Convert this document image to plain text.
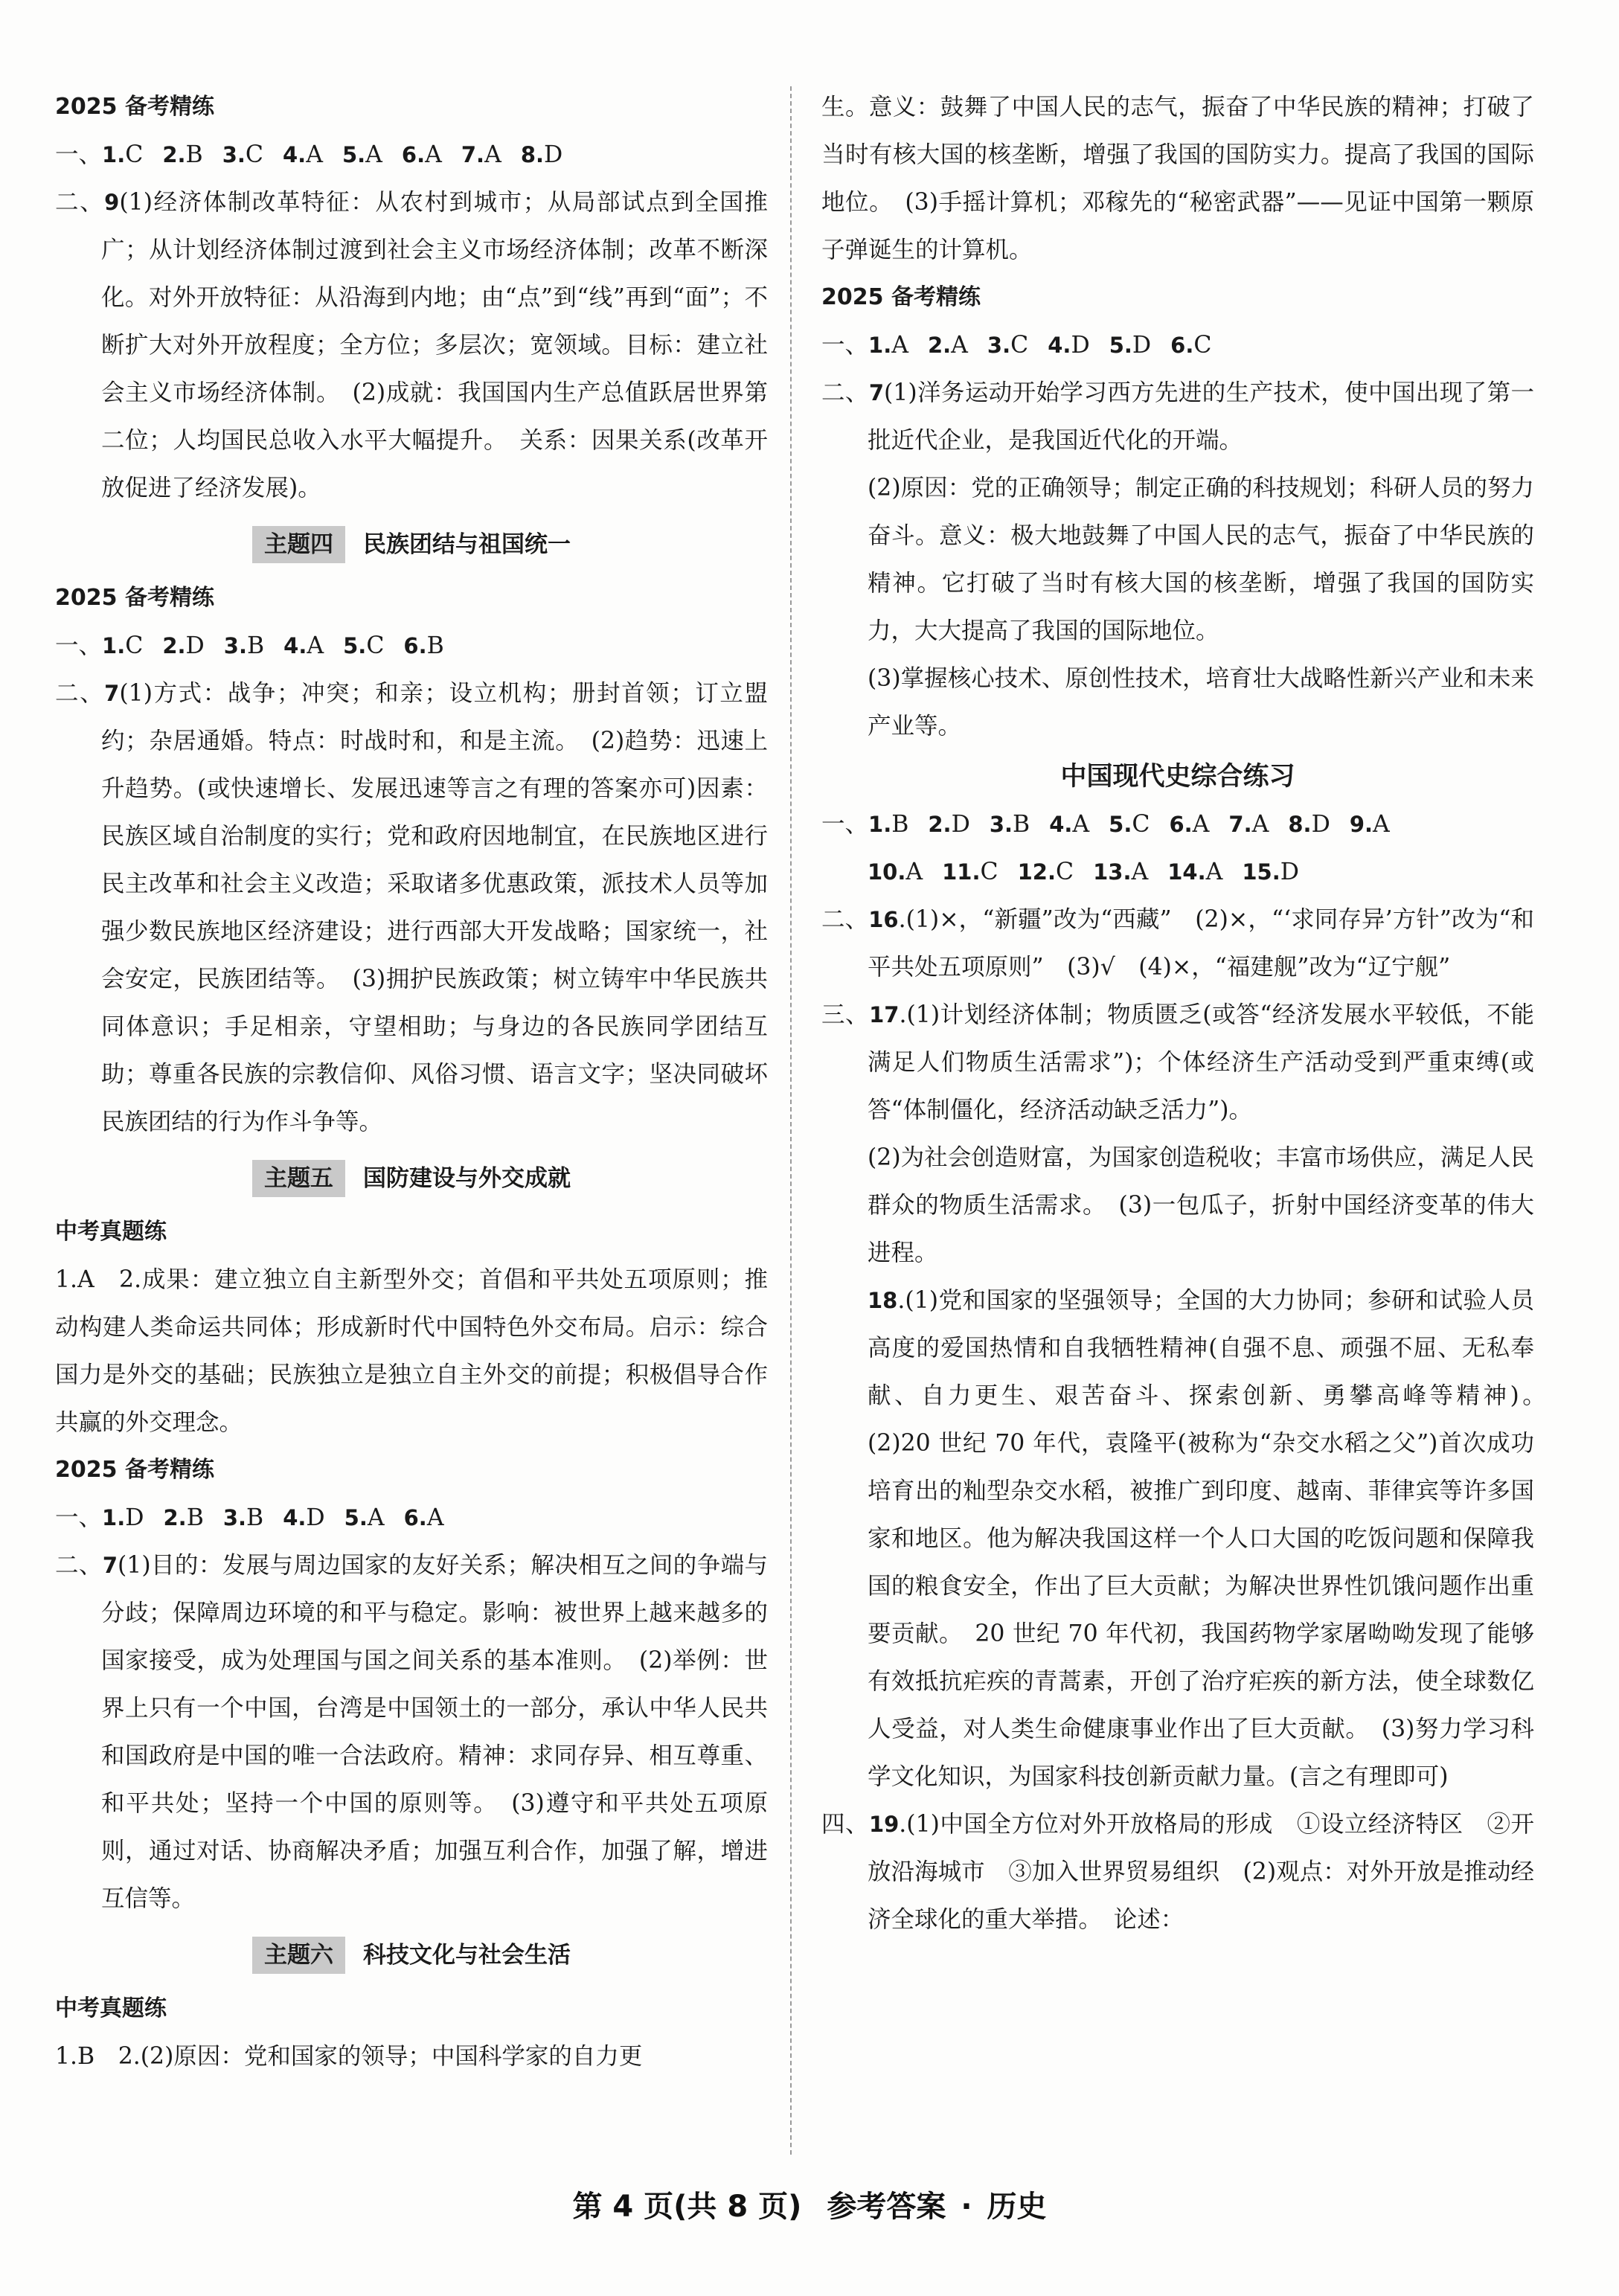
2025 备考精练

一、1.C 2.B 3.C 4.A 5.A 6.A 7.A 8.D

二、9(1)经济体制改革特征：从农村到城市；从局部试点到全国推广；从计划经济体制过渡到社会主义市场经济体制；改革不断深化。对外开放特征：从沿海到内地；由“点”到“线”再到“面”；不断扩大对外开放程度；全方位；多层次；宽领域。目标：建立社会主义市场经济体制。　(2)成就：我国国内生产总值跃居世界第二位；人均国民总收入水平大幅提升。　关系：因果关系(改革开放促进了经济发展)。

主题四 民族团结与祖国统一

2025 备考精练

一、1.C 2.D 3.B 4.A 5.C 6.B

二、7(1)方式：战争；冲突；和亲；设立机构；册封首领；订立盟约；杂居通婚。特点：时战时和，和是主流。　(2)趋势：迅速上升趋势。(或快速增长、发展迅速等言之有理的答案亦可)因素：民族区域自治制度的实行；党和政府因地制宜，在民族地区进行民主改革和社会主义改造；采取诸多优惠政策，派技术人员等加强少数民族地区经济建设；进行西部大开发战略；国家统一，社会安定，民族团结等。　(3)拥护民族政策；树立铸牢中华民族共同体意识；手足相亲，守望相助；与身边的各民族同学团结互助；尊重各民族的宗教信仰、风俗习惯、语言文字；坚决同破坏民族团结的行为作斗争等。

主题五 国防建设与外交成就

中考真题练

1.A　2.成果：建立独立自主新型外交；首倡和平共处五项原则；推动构建人类命运共同体；形成新时代中国特色外交布局。启示：综合国力是外交的基础；民族独立是独立自主外交的前提；积极倡导合作共赢的外交理念。

2025 备考精练

一、1.D 2.B 3.B 4.D 5.A 6.A

二、7(1)目的：发展与周边国家的友好关系；解决相互之间的争端与分歧；保障周边环境的和平与稳定。影响：被世界上越来越多的国家接受，成为处理国与国之间关系的基本准则。　(2)举例：世界上只有一个中国，台湾是中国领土的一部分，承认中华人民共和国政府是中国的唯一合法政府。精神：求同存异、相互尊重、和平共处；坚持一个中国的原则等。　(3)遵守和平共处五项原则，通过对话、协商解决矛盾；加强互利合作，加强了解，增进互信等。

主题六 科技文化与社会生活

中考真题练

1.B　2.(2)原因：党和国家的领导；中国科学家的自力更

生。意义：鼓舞了中国人民的志气，振奋了中华民族的精神；打破了当时有核大国的核垄断，增强了我国的国防实力。提高了我国的国际地位。　(3)手摇计算机；邓稼先的“秘密武器”——见证中国第一颗原子弹诞生的计算机。

2025 备考精练

一、1.A 2.A 3.C 4.D 5.D 6.C

二、7(1)洋务运动开始学习西方先进的生产技术，使中国出现了第一批近代企业，是我国近代化的开端。

(2)原因：党的正确领导；制定正确的科技规划；科研人员的努力奋斗。意义：极大地鼓舞了中国人民的志气，振奋了中华民族的精神。它打破了当时有核大国的核垄断，增强了我国的国防实力，大大提高了我国的国际地位。

(3)掌握核心技术、原创性技术，培育壮大战略性新兴产业和未来产业等。

中国现代史综合练习

一、1.B 2.D 3.B 4.A 5.C 6.A 7.A 8.D 9.A

10.A 11.C 12.C 13.A 14.A 15.D

二、16.(1)×，“新疆”改为“西藏”　(2)×，“‘求同存异’方针”改为“和平共处五项原则”　(3)√　(4)×，“福建舰”改为“辽宁舰”

三、17.(1)计划经济体制；物质匮乏(或答“经济发展水平较低，不能满足人们物质生活需求”)；个体经济生产活动受到严重束缚(或答“体制僵化，经济活动缺乏活力”)。

(2)为社会创造财富，为国家创造税收；丰富市场供应，满足人民群众的物质生活需求。　(3)一包瓜子，折射中国经济变革的伟大进程。

18.(1)党和国家的坚强领导；全国的大力协同；参研和试验人员高度的爱国热情和自我牺牲精神(自强不息、顽强不屈、无私奉献、自力更生、艰苦奋斗、探索创新、勇攀高峰等精神)。　(2)20 世纪 70 年代，袁隆平(被称为“杂交水稻之父”)首次成功培育出的籼型杂交水稻，被推广到印度、越南、菲律宾等许多国家和地区。他为解决我国这样一个人口大国的吃饭问题和保障我国的粮食安全，作出了巨大贡献；为解决世界性饥饿问题作出重要贡献。　20 世纪 70 年代初，我国药物学家屠呦呦发现了能够有效抵抗疟疾的青蒿素，开创了治疗疟疾的新方法，使全球数亿人受益，对人类生命健康事业作出了巨大贡献。　(3)努力学习科学文化知识，为国家科技创新贡献力量。(言之有理即可)

四、19.(1)中国全方位对外开放格局的形成　①设立经济特区　②开放沿海城市　③加入世界贸易组织　(2)观点：对外开放是推动经济全球化的重大举措。　论述：

第 4 页(共 8 页) 参考答案 · 历史
